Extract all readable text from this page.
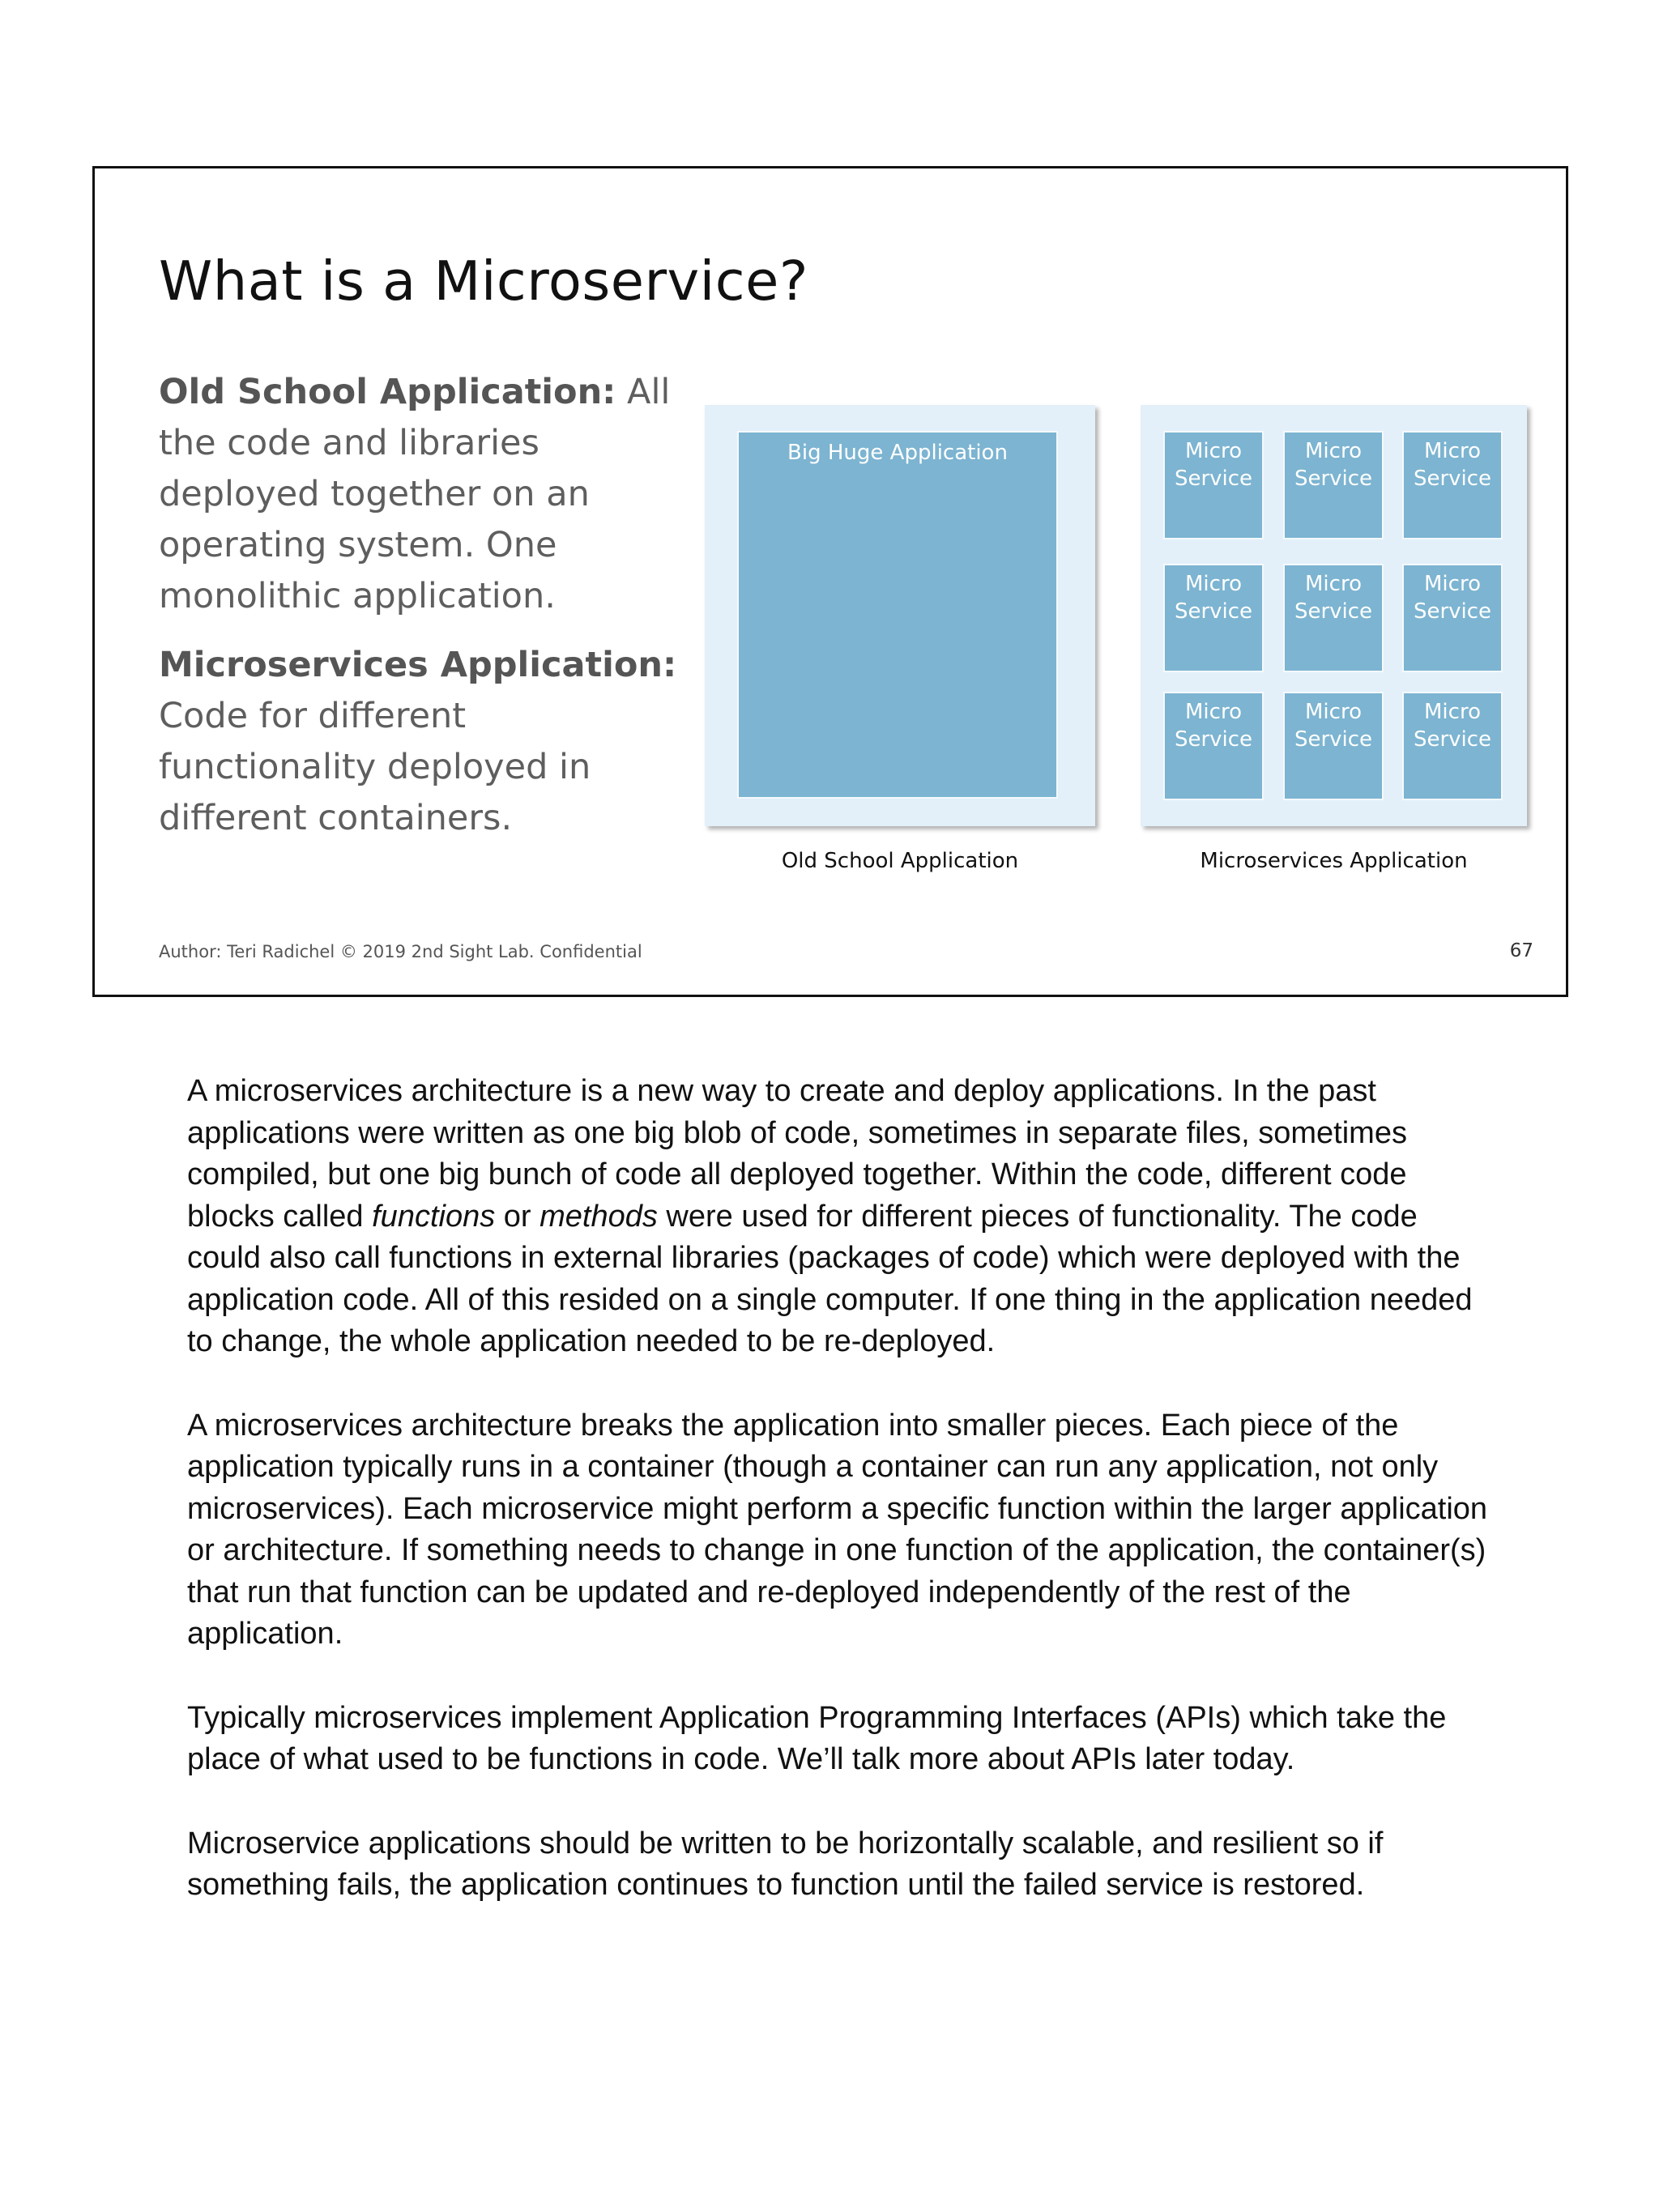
What is a Microservice?

Old School Application: All the code and libraries deployed together on an operating system. One monolithic application.

Microservices Application: Code for different functionality deployed in different containers.

Big Huge Application	Micro
Service
Micro
Service
Micro
Service
Micro
Service
Micro
Service
Micro
Service
Micro
Service
Micro
Service
Micro
Service
Old School Application	Microservices Application
Author: Teri Radichel © 2019 2nd Sight Lab. Confidential	67

A microservices architecture is a new way to create and deploy applications. In the past applications were written as one big blob of code, sometimes in separate files, sometimes compiled, but one big bunch of code all deployed together. Within the code, different code blocks called functions or methods were used for different pieces of functionality. The code could also call functions in external libraries (packages of code) which were deployed with the application code. All of this resided on a single computer. If one thing in the application needed to change, the whole application needed to be re-deployed.

A microservices architecture breaks the application into smaller pieces. Each piece of the application typically runs in a container (though a container can run any application, not only microservices). Each microservice might perform a specific function within the larger application or architecture. If something needs to change in one function of the application, the container(s) that run that function can be updated and re-deployed independently of the rest of the application.

Typically microservices implement Application Programming Interfaces (APIs) which take the place of what used to be functions in code. We’ll talk more about APIs later today.

Microservice applications should be written to be horizontally scalable, and resilient so if something fails, the application continues to function until the failed service is restored.
